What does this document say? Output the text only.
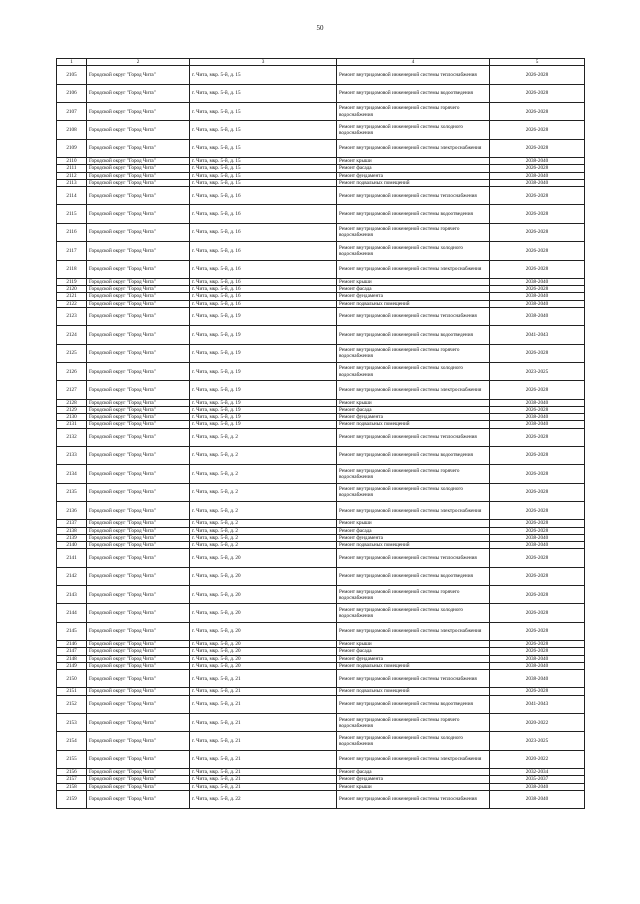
50
1	2	3	4	5
2105	Городской округ "Город Чита"	г. Чита, мкр. 5-й, д. 15	Ремонт внутридомовой инженерной системы теплоснабжения	2026-2028
2106	Городской округ "Город Чита"	г. Чита, мкр. 5-й, д. 15	Ремонт внутридомовой инженерной системы водоотведения	2026-2028
2107	Городской округ "Город Чита"	г. Чита, мкр. 5-й, д. 15	Ремонт внутридомовой инженерной системы горячего водоснабжения	2026-2028
2108	Городской округ "Город Чита"	г. Чита, мкр. 5-й, д. 15	Ремонт внутридомовой инженерной системы холодного водоснабжения	2026-2028
2109	Городской округ "Город Чита"	г. Чита, мкр. 5-й, д. 15	Ремонт внутридомовой инженерной системы электроснабжения	2026-2028
2110	Городской округ "Город Чита"	г. Чита, мкр. 5-й, д. 15	Ремонт крыши	2038-2040
2111	Городской округ "Город Чита"	г. Чита, мкр. 5-й, д. 15	Ремонт фасада	2026-2028
2112	Городской округ "Город Чита"	г. Чита, мкр. 5-й, д. 15	Ремонт фундамента	2038-2040
2113	Городской округ "Город Чита"	г. Чита, мкр. 5-й, д. 15	Ремонт подвальных помещений	2038-2040
2114	Городской округ "Город Чита"	г. Чита, мкр. 5-й, д. 16	Ремонт внутридомовой инженерной системы теплоснабжения	2026-2028
2115	Городской округ "Город Чита"	г. Чита, мкр. 5-й, д. 16	Ремонт внутридомовой инженерной системы водоотведения	2026-2028
2116	Городской округ "Город Чита"	г. Чита, мкр. 5-й, д. 16	Ремонт внутридомовой инженерной системы горячего водоснабжения	2026-2028
2117	Городской округ "Город Чита"	г. Чита, мкр. 5-й, д. 16	Ремонт внутридомовой инженерной системы холодного водоснабжения	2026-2028
2118	Городской округ "Город Чита"	г. Чита, мкр. 5-й, д. 16	Ремонт внутридомовой инженерной системы электроснабжения	2026-2028
2119	Городской округ "Город Чита"	г. Чита, мкр. 5-й, д. 16	Ремонт крыши	2038-2040
2120	Городской округ "Город Чита"	г. Чита, мкр. 5-й, д. 16	Ремонт фасада	2026-2028
2121	Городской округ "Город Чита"	г. Чита, мкр. 5-й, д. 16	Ремонт фундамента	2038-2040
2122	Городской округ "Город Чита"	г. Чита, мкр. 5-й, д. 16	Ремонт подвальных помещений	2038-2040
2123	Городской округ "Город Чита"	г. Чита, мкр. 5-й, д. 19	Ремонт внутридомовой инженерной системы теплоснабжения	2038-2040
2124	Городской округ "Город Чита"	г. Чита, мкр. 5-й, д. 19	Ремонт внутридомовой инженерной системы водоотведения	2041-2043
2125	Городской округ "Город Чита"	г. Чита, мкр. 5-й, д. 19	Ремонт внутридомовой инженерной системы горячего водоснабжения	2026-2028
2126	Городской округ "Город Чита"	г. Чита, мкр. 5-й, д. 19	Ремонт внутридомовой инженерной системы холодного водоснабжения	2023-2025
2127	Городской округ "Город Чита"	г. Чита, мкр. 5-й, д. 19	Ремонт внутридомовой инженерной системы электроснабжения	2026-2028
2128	Городской округ "Город Чита"	г. Чита, мкр. 5-й, д. 19	Ремонт крыши	2038-2040
2129	Городской округ "Город Чита"	г. Чита, мкр. 5-й, д. 19	Ремонт фасада	2026-2028
2130	Городской округ "Город Чита"	г. Чита, мкр. 5-й, д. 19	Ремонт фундамента	2038-2040
2131	Городской округ "Город Чита"	г. Чита, мкр. 5-й, д. 19	Ремонт подвальных помещений	2038-2040
2132	Городской округ "Город Чита"	г. Чита, мкр. 5-й, д. 2	Ремонт внутридомовой инженерной системы теплоснабжения	2026-2028
2133	Городской округ "Город Чита"	г. Чита, мкр. 5-й, д. 2	Ремонт внутридомовой инженерной системы водоотведения	2026-2028
2134	Городской округ "Город Чита"	г. Чита, мкр. 5-й, д. 2	Ремонт внутридомовой инженерной системы горячего водоснабжения	2026-2028
2135	Городской округ "Город Чита"	г. Чита, мкр. 5-й, д. 2	Ремонт внутридомовой инженерной системы холодного водоснабжения	2026-2028
2136	Городской округ "Город Чита"	г. Чита, мкр. 5-й, д. 2	Ремонт внутридомовой инженерной системы электроснабжения	2026-2028
2137	Городской округ "Город Чита"	г. Чита, мкр. 5-й, д. 2	Ремонт крыши	2026-2028
2138	Городской округ "Город Чита"	г. Чита, мкр. 5-й, д. 2	Ремонт фасада	2026-2028
2139	Городской округ "Город Чита"	г. Чита, мкр. 5-й, д. 2	Ремонт фундамента	2038-2040
2140	Городской округ "Город Чита"	г. Чита, мкр. 5-й, д. 2	Ремонт подвальных помещений	2038-2040
2141	Городской округ "Город Чита"	г. Чита, мкр. 5-й, д. 20	Ремонт внутридомовой инженерной системы теплоснабжения	2026-2028
2142	Городской округ "Город Чита"	г. Чита, мкр. 5-й, д. 20	Ремонт внутридомовой инженерной системы водоотведения	2026-2028
2143	Городской округ "Город Чита"	г. Чита, мкр. 5-й, д. 20	Ремонт внутридомовой инженерной системы горячего водоснабжения	2026-2028
2144	Городской округ "Город Чита"	г. Чита, мкр. 5-й, д. 20	Ремонт внутридомовой инженерной системы холодного водоснабжения	2026-2028
2145	Городской округ "Город Чита"	г. Чита, мкр. 5-й, д. 20	Ремонт внутридомовой инженерной системы электроснабжения	2026-2028
2146	Городской округ "Город Чита"	г. Чита, мкр. 5-й, д. 20	Ремонт крыши	2026-2028
2147	Городской округ "Город Чита"	г. Чита, мкр. 5-й, д. 20	Ремонт фасада	2026-2028
2148	Городской округ "Город Чита"	г. Чита, мкр. 5-й, д. 20	Ремонт фундамента	2038-2040
2149	Городской округ "Город Чита"	г. Чита, мкр. 5-й, д. 20	Ремонт подвальных помещений	2038-2040
2150	Городской округ "Город Чита"	г. Чита, мкр. 5-й, д. 21	Ремонт внутридомовой инженерной системы теплоснабжения	2038-2040
2151	Городской округ "Город Чита"	г. Чита, мкр. 5-й, д. 21	Ремонт подвальных помещений	2026-2028
2152	Городской округ "Город Чита"	г. Чита, мкр. 5-й, д. 21	Ремонт внутридомовой инженерной системы водоотведения	2041-2043
2153	Городской округ "Город Чита"	г. Чита, мкр. 5-й, д. 21	Ремонт внутридомовой инженерной системы горячего водоснабжения	2020-2022
2154	Городской округ "Город Чита"	г. Чита, мкр. 5-й, д. 21	Ремонт внутридомовой инженерной системы холодного водоснабжения	2023-2025
2155	Городской округ "Город Чита"	г. Чита, мкр. 5-й, д. 21	Ремонт внутридомовой инженерной системы электроснабжения	2020-2022
2156	Городской округ "Город Чита"	г. Чита, мкр. 5-й, д. 21	Ремонт фасада	2032-2034
2157	Городской округ "Город Чита"	г. Чита, мкр. 5-й, д. 21	Ремонт фундамента	2035-2037
2158	Городской округ "Город Чита"	г. Чита, мкр. 5-й, д. 21	Ремонт крыши	2038-2040
2159	Городской округ "Город Чита"	г. Чита, мкр. 5-й, д. 22	Ремонт внутридомовой инженерной системы теплоснабжения	2038-2040
